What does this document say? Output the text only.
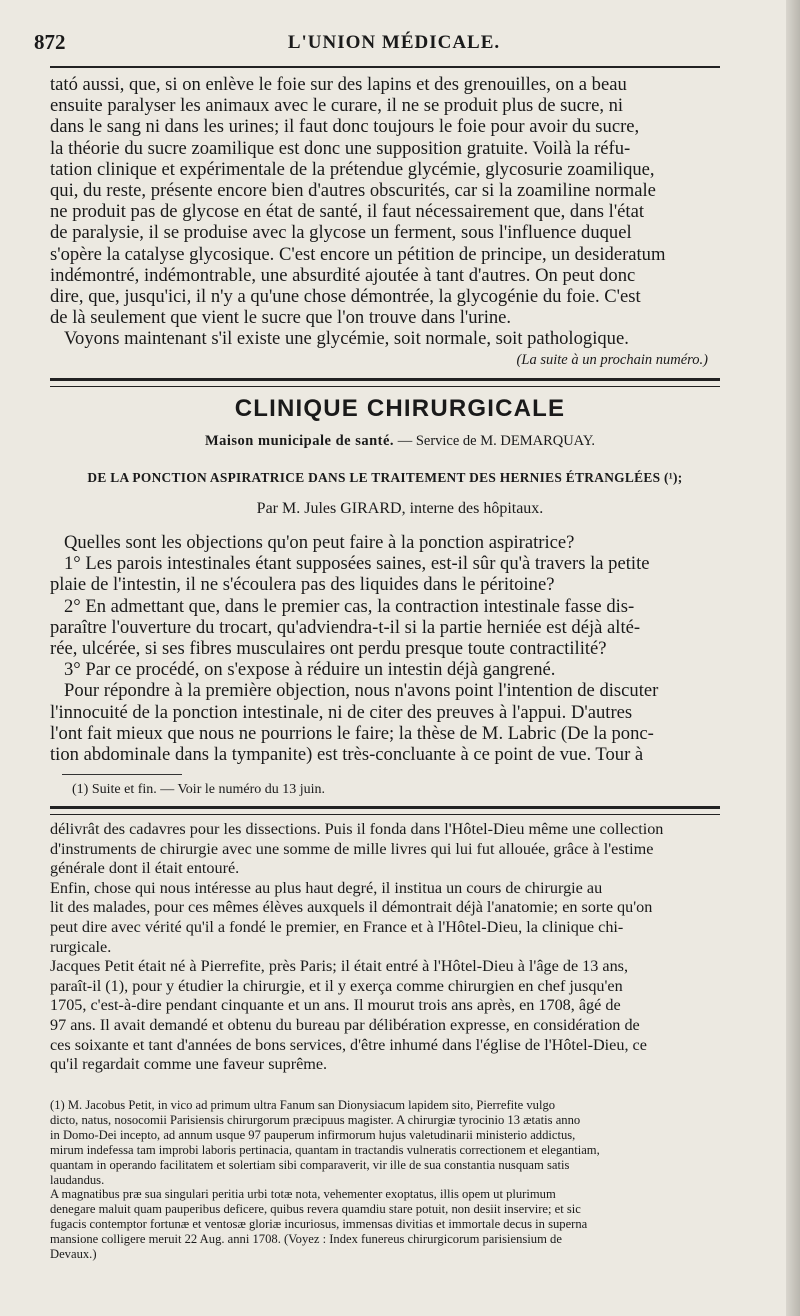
872	L'UNION MÉDICALE.
tató aussi, que, si on enlève le foie sur des lapins et des grenouilles, on a beau
ensuite paralyser les animaux avec le curare, il ne se produit plus de sucre, ni
dans le sang ni dans les urines; il faut donc toujours le foie pour avoir du sucre,
la théorie du sucre zoamilique est donc une supposition gratuite. Voilà la réfu-
tation clinique et expérimentale de la prétendue glycémie, glycosurie zoamilique,
qui, du reste, présente encore bien d'autres obscurités, car si la zoamiline normale
ne produit pas de glycose en état de santé, il faut nécessairement que, dans l'état
de paralysie, il se produise avec la glycose un ferment, sous l'influence duquel
s'opère la catalyse glycosique. C'est encore un pétition de principe, un desideratum
indémontré, indémontrable, une absurdité ajoutée à tant d'autres. On peut donc
dire, que, jusqu'ici, il n'y a qu'une chose démontrée, la glycogénie du foie. C'est
de là seulement que vient le sucre que l'on trouve dans l'urine.
Voyons maintenant s'il existe une glycémie, soit normale, soit pathologique.
(La suite à un prochain numéro.)
CLINIQUE CHIRURGICALE
Maison municipale de santé. — Service de M. DEMARQUAY.
DE LA PONCTION ASPIRATRICE DANS LE TRAITEMENT DES HERNIES ÉTRANGLÉES (¹);
Par M. Jules GIRARD, interne des hôpitaux.
Quelles sont les objections qu'on peut faire à la ponction aspiratrice?
1° Les parois intestinales étant supposées saines, est-il sûr qu'à travers la petite
plaie de l'intestin, il ne s'écoulera pas des liquides dans le péritoine?
2° En admettant que, dans le premier cas, la contraction intestinale fasse dis-
paraître l'ouverture du trocart, qu'adviendra-t-il si la partie herniée est déjà alté-
rée, ulcérée, si ses fibres musculaires ont perdu presque toute contractilité?
3° Par ce procédé, on s'expose à réduire un intestin déjà gangrené.
Pour répondre à la première objection, nous n'avons point l'intention de discuter
l'innocuité de la ponction intestinale, ni de citer des preuves à l'appui. D'autres
l'ont fait mieux que nous ne pourrions le faire; la thèse de M. Labric (De la ponc-
tion abdominale dans la tympanite) est très-concluante à ce point de vue. Tour à
(1) Suite et fin. — Voir le numéro du 13 juin.
délivrât des cadavres pour les dissections. Puis il fonda dans l'Hôtel-Dieu même une collection
d'instruments de chirurgie avec une somme de mille livres qui lui fut allouée, grâce à l'estime
générale dont il était entouré.
Enfin, chose qui nous intéresse au plus haut degré, il institua un cours de chirurgie au
lit des malades, pour ces mêmes élèves auxquels il démontrait déjà l'anatomie; en sorte qu'on
peut dire avec vérité qu'il a fondé le premier, en France et à l'Hôtel-Dieu, la clinique chi-
rurgicale.
Jacques Petit était né à Pierrefite, près Paris; il était entré à l'Hôtel-Dieu à l'âge de 13 ans,
paraît-il (1), pour y étudier la chirurgie, et il y exerça comme chirurgien en chef jusqu'en
1705, c'est-à-dire pendant cinquante et un ans. Il mourut trois ans après, en 1708, âgé de
97 ans. Il avait demandé et obtenu du bureau par délibération expresse, en considération de
ces soixante et tant d'années de bons services, d'être inhumé dans l'église de l'Hôtel-Dieu, ce
qu'il regardait comme une faveur suprême.
(1) M. Jacobus Petit, in vico ad primum ultra Fanum san Dionysiacum lapidem sito, Pierrefite vulgo
dicto, natus, nosocomii Parisiensis chirurgorum præcipuus magister. A chirurgiæ tyrocinio 13 ætatis anno
in Domo-Dei incepto, ad annum usque 97 pauperum infirmorum hujus valetudinarii ministerio addictus,
mirum indefessa tam improbi laboris pertinacia, quantam in tractandis vulneratis correctionem et elegantiam,
quantam in operando facilitatem et solertiam sibi comparaverit, vir ille de sua constantia nusquam satis
laudandus.
A magnatibus præ sua singulari peritia urbi totæ nota, vehementer exoptatus, illis opem ut plurimum
denegare maluit quam pauperibus deficere, quibus revera quamdiu stare potuit, non desiit inservire; et sic
fugacis contemptor fortunæ et ventosæ gloriæ incuriosus, immensas divitias et immortale decus in superna
mansione colligere meruit 22 Aug. anni 1708. (Voyez : Index funereus chirurgicorum parisiensium de
Devaux.)
